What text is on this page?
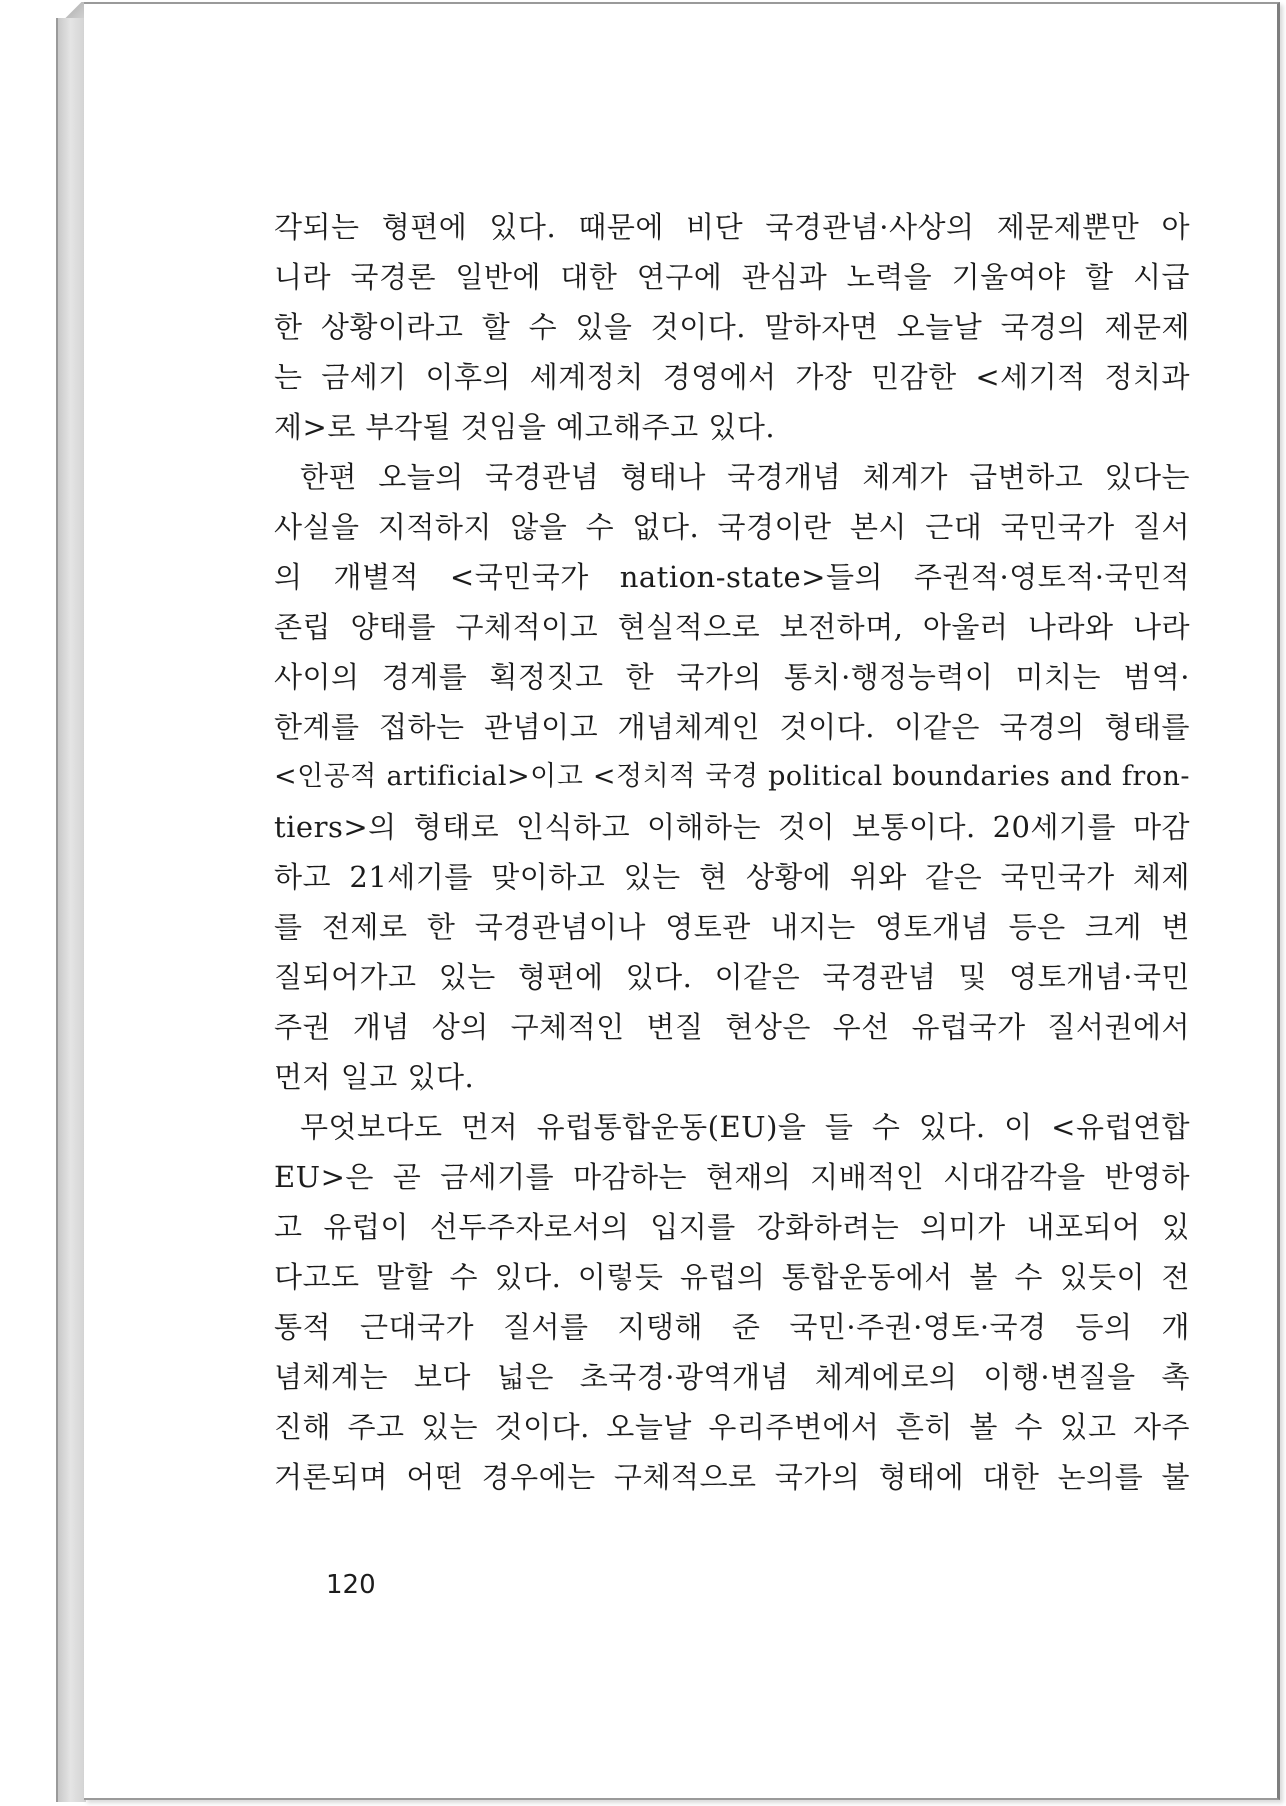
각되는 형편에 있다. 때문에 비단 국경관념·사상의 제문제뿐만 아
니라 국경론 일반에 대한 연구에 관심과 노력을 기울여야 할 시급
한 상황이라고 할 수 있을 것이다. 말하자면 오늘날 국경의 제문제
는 금세기 이후의 세계정치 경영에서 가장 민감한 <세기적 정치과
제>로 부각될 것임을 예고해주고 있다.
한편 오늘의 국경관념 형태나 국경개념 체계가 급변하고 있다는
사실을 지적하지 않을 수 없다. 국경이란 본시 근대 국민국가 질서
의 개별적 <국민국가 nation-state>들의 주권적·영토적·국민적
존립 양태를 구체적이고 현실적으로 보전하며, 아울러 나라와 나라
사이의 경계를 획정짓고 한 국가의 통치·행정능력이 미치는 범역·
한계를 접하는 관념이고 개념체계인 것이다. 이같은 국경의 형태를
<인공적 artificial>이고 <정치적 국경 political boundaries and fron-
tiers>의 형태로 인식하고 이해하는 것이 보통이다. 20세기를 마감
하고 21세기를 맞이하고 있는 현 상황에 위와 같은 국민국가 체제
를 전제로 한 국경관념이나 영토관 내지는 영토개념 등은 크게 변
질되어가고 있는 형편에 있다. 이같은 국경관념 및 영토개념·국민
주권 개념 상의 구체적인 변질 현상은 우선 유럽국가 질서권에서
먼저 일고 있다.
무엇보다도 먼저 유럽통합운동(EU)을 들 수 있다. 이 <유럽연합
EU>은 곧 금세기를 마감하는 현재의 지배적인 시대감각을 반영하
고 유럽이 선두주자로서의 입지를 강화하려는 의미가 내포되어 있
다고도 말할 수 있다. 이렇듯 유럽의 통합운동에서 볼 수 있듯이 전
통적 근대국가 질서를 지탱해 준 국민·주권·영토·국경 등의 개
념체계는 보다 넓은 초국경·광역개념 체계에로의 이행·변질을 촉
진해 주고 있는 것이다. 오늘날 우리주변에서 흔히 볼 수 있고 자주
거론되며 어떤 경우에는 구체적으로 국가의 형태에 대한 논의를 불
120
